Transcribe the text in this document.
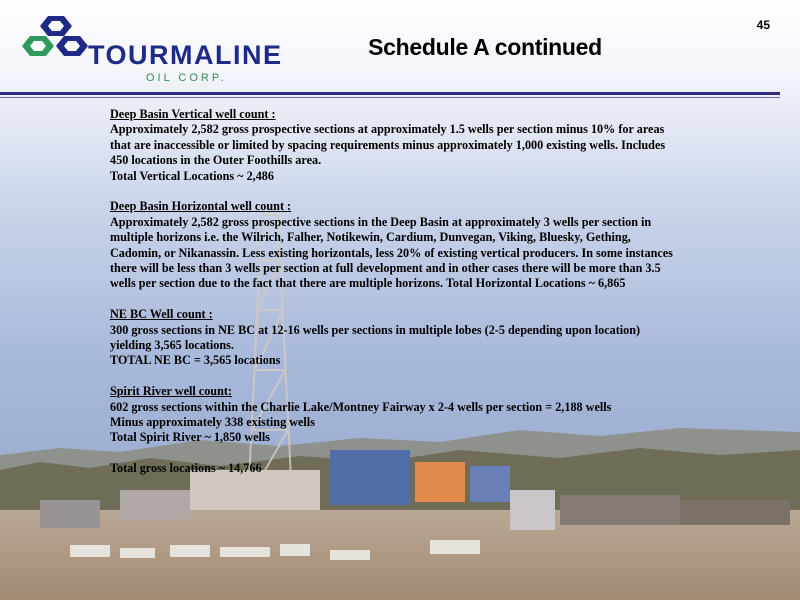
45
TOURMALINE
OIL CORP.
Schedule A continued

Deep Basin Vertical well count :

Approximately 2,582 gross prospective sections at approximately 1.5 wells per section minus 10% for areas

that are inaccessible or limited by spacing requirements minus approximately 1,000 existing wells. Includes

450 locations in the Outer Foothills area.

Total Vertical Locations ~ 2,486

Deep Basin Horizontal well count :

Approximately 2,582 gross prospective sections in the Deep Basin at approximately 3 wells per section in

multiple horizons i.e. the Wilrich, Falher, Notikewin, Cardium, Dunvegan, Viking, Bluesky, Gething,

Cadomin, or Nikanassin. Less existing horizontals, less 20% of existing vertical producers. In some instances

there will be less than 3 wells per section at full development and in other cases there will be more than 3.5

wells per section due to the fact that there are multiple horizons. Total Horizontal Locations ~ 6,865

NE BC Well count :

300 gross sections in NE BC at 12-16 wells per sections in multiple lobes (2-5 depending upon location)

yielding 3,565 locations.

TOTAL NE BC = 3,565 locations

Spirit River well count:

602 gross sections within the Charlie Lake/Montney Fairway x 2-4 wells per section = 2,188 wells

Minus approximately 338 existing wells

Total Spirit River ~ 1,850 wells

Total gross locations ~ 14,766
